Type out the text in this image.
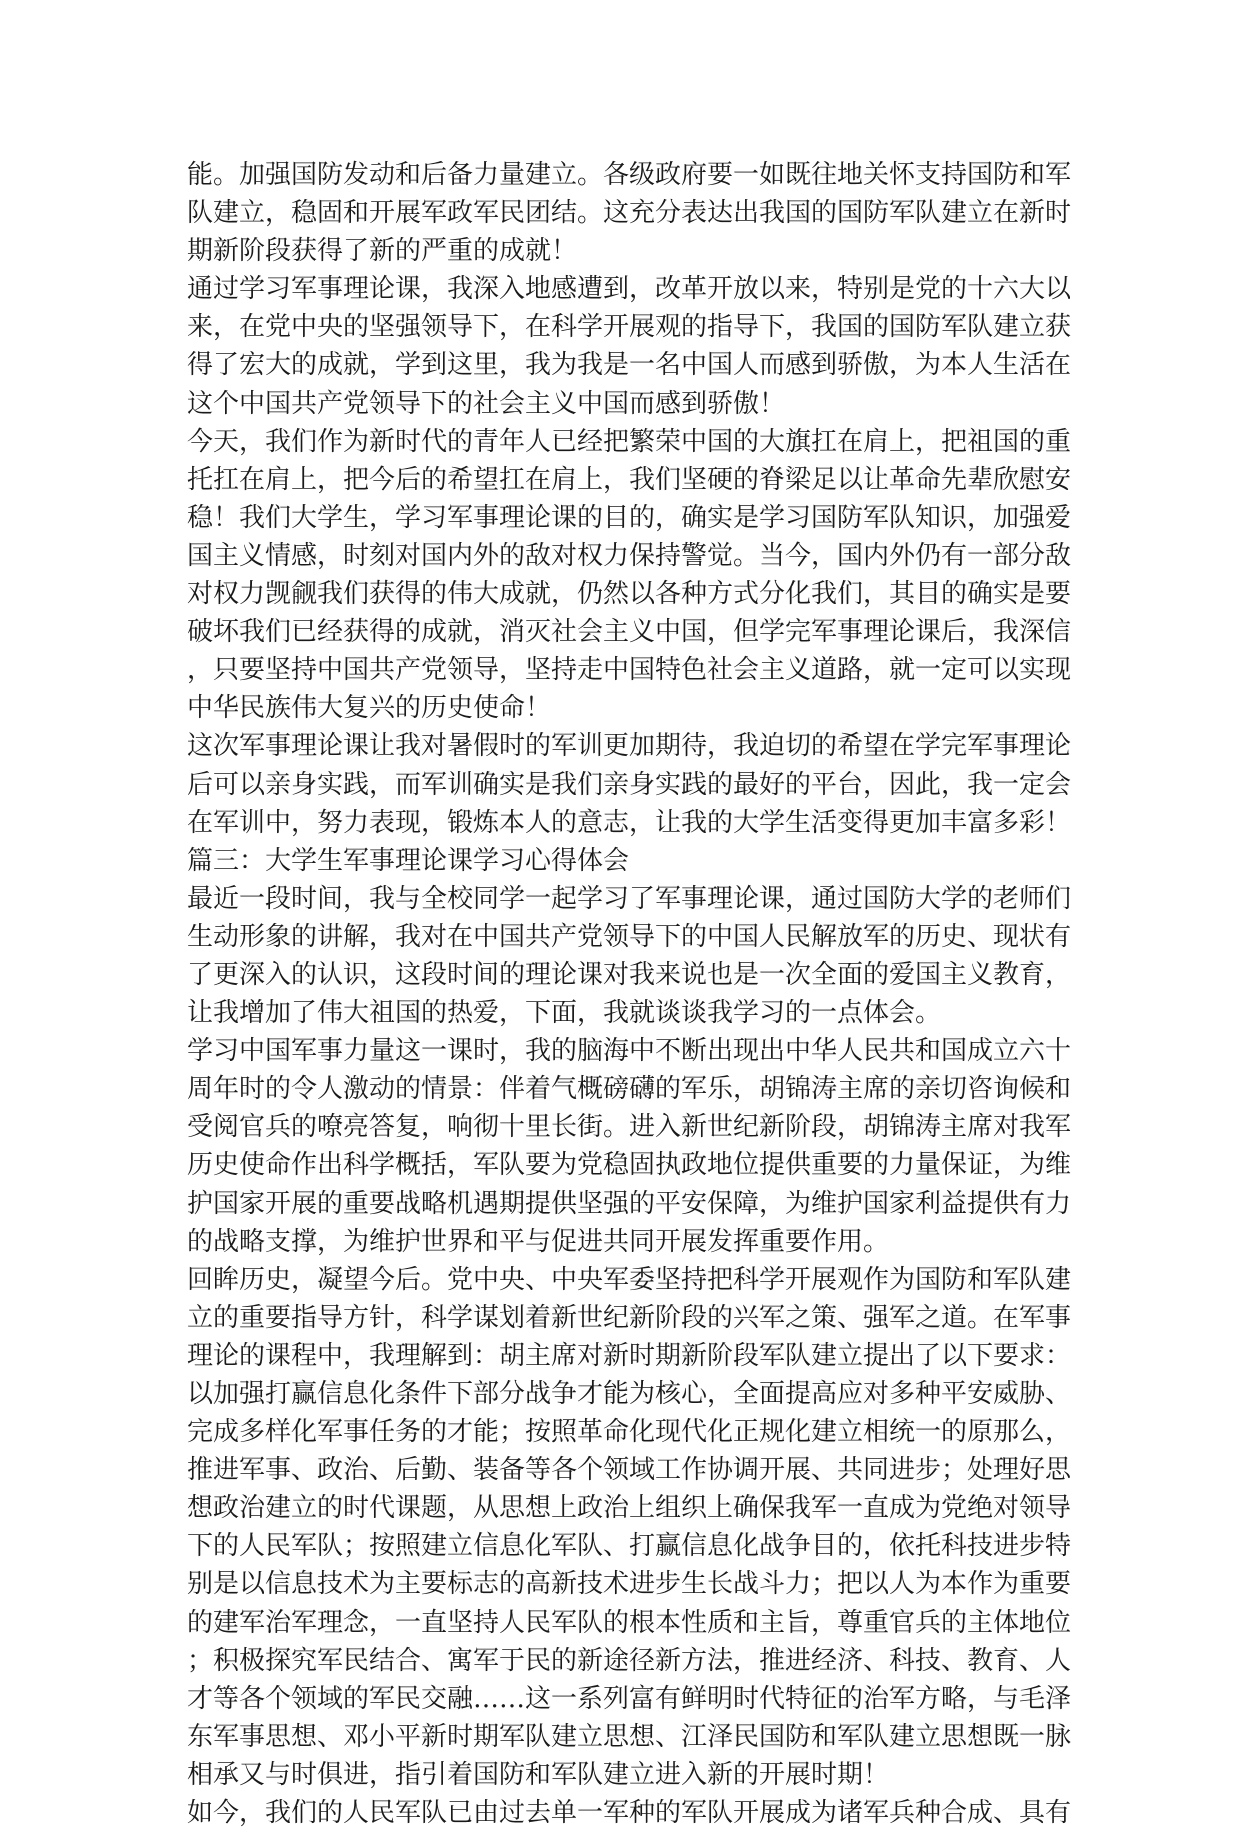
能。加强国防发动和后备力量建立。各级政府要一如既往地关怀支持国防和军
队建立，稳固和开展军政军民团结。这充分表达出我国的国防军队建立在新时
期新阶段获得了新的严重的成就！
通过学习军事理论课，我深入地感遭到，改革开放以来，特别是党的十六大以
来，在党中央的坚强领导下，在科学开展观的指导下，我国的国防军队建立获
得了宏大的成就，学到这里，我为我是一名中国人而感到骄傲，为本人生活在
这个中国共产党领导下的社会主义中国而感到骄傲！
今天，我们作为新时代的青年人已经把繁荣中国的大旗扛在肩上，把祖国的重
托扛在肩上，把今后的希望扛在肩上，我们坚硬的脊梁足以让革命先辈欣慰安
稳！我们大学生，学习军事理论课的目的，确实是学习国防军队知识，加强爱
国主义情感，时刻对国内外的敌对权力保持警觉。当今，国内外仍有一部分敌
对权力觊觎我们获得的伟大成就，仍然以各种方式分化我们，其目的确实是要
破坏我们已经获得的成就，消灭社会主义中国，但学完军事理论课后，我深信
，只要坚持中国共产党领导，坚持走中国特色社会主义道路，就一定可以实现
中华民族伟大复兴的历史使命！
这次军事理论课让我对暑假时的军训更加期待，我迫切的希望在学完军事理论
后可以亲身实践，而军训确实是我们亲身实践的最好的平台，因此，我一定会
在军训中，努力表现，锻炼本人的意志，让我的大学生活变得更加丰富多彩！
篇三：大学生军事理论课学习心得体会
最近一段时间，我与全校同学一起学习了军事理论课，通过国防大学的老师们
生动形象的讲解，我对在中国共产党领导下的中国人民解放军的历史、现状有
了更深入的认识，这段时间的理论课对我来说也是一次全面的爱国主义教育，
让我增加了伟大祖国的热爱，下面，我就谈谈我学习的一点体会。
学习中国军事力量这一课时，我的脑海中不断出现出中华人民共和国成立六十
周年时的令人激动的情景：伴着气概磅礴的军乐，胡锦涛主席的亲切咨询候和
受阅官兵的嘹亮答复，响彻十里长街。进入新世纪新阶段，胡锦涛主席对我军
历史使命作出科学概括，军队要为党稳固执政地位提供重要的力量保证，为维
护国家开展的重要战略机遇期提供坚强的平安保障，为维护国家利益提供有力
的战略支撑，为维护世界和平与促进共同开展发挥重要作用。
回眸历史，凝望今后。党中央、中央军委坚持把科学开展观作为国防和军队建
立的重要指导方针，科学谋划着新世纪新阶段的兴军之策、强军之道。在军事
理论的课程中，我理解到：胡主席对新时期新阶段军队建立提出了以下要求：
以加强打赢信息化条件下部分战争才能为核心，全面提高应对多种平安威胁、
完成多样化军事任务的才能；按照革命化现代化正规化建立相统一的原那么，
推进军事、政治、后勤、装备等各个领域工作协调开展、共同进步；处理好思
想政治建立的时代课题，从思想上政治上组织上确保我军一直成为党绝对领导
下的人民军队；按照建立信息化军队、打赢信息化战争目的，依托科技进步特
别是以信息技术为主要标志的高新技术进步生长战斗力；把以人为本作为重要
的建军治军理念，一直坚持人民军队的根本性质和主旨，尊重官兵的主体地位
；积极探究军民结合、寓军于民的新途径新方法，推进经济、科技、教育、人
才等各个领域的军民交融……这一系列富有鲜明时代特征的治军方略，与毛泽
东军事思想、邓小平新时期军队建立思想、江泽民国防和军队建立思想既一脉
相承又与时俱进，指引着国防和军队建立进入新的开展时期！
如今，我们的人民军队已由过去单一军种的军队开展成为诸军兵种合成、具有
